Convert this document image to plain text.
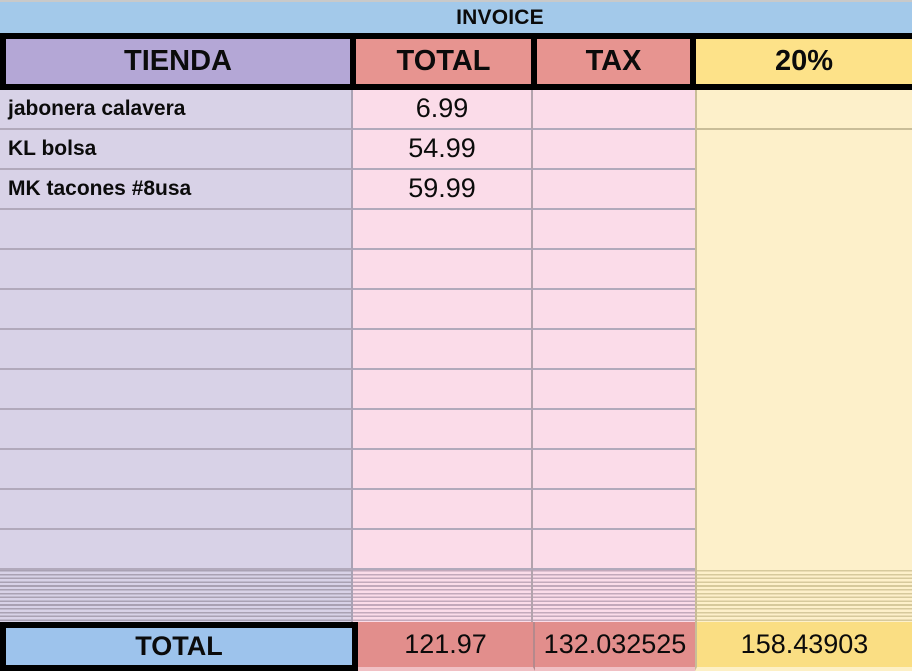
INVOICE
TIENDA	TOTAL	TAX	20%
jabonera calavera	6.99
KL bolsa	54.99
MK tacones #8usa	59.99
TOTAL	121.97	132.032525	158.43903
